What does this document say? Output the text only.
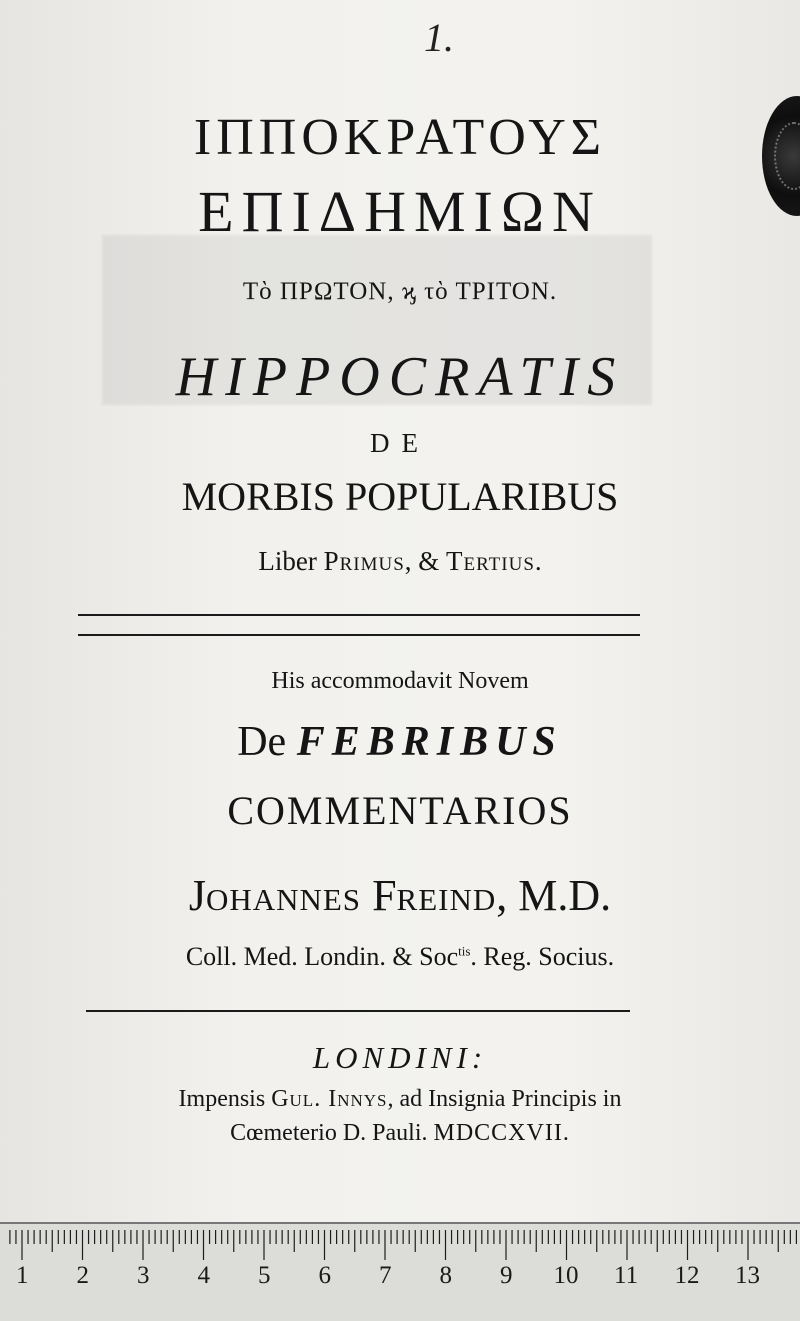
1.
ΙΠΠΟΚΡΑΤΟΥΣ
ΕΠΙΔΗΜΙΩΝ
Τὸ ΠΡΩΤΟΝ, ϗ τὸ ΤΡΙΤΟΝ.
HIPPOCRATIS
DE
MORBIS POPULARIBUS
Liber Primus, & Tertius.
His accommodavit Novem
De FEBRIBUS
COMMENTARIOS
Johannes Freind, M.D.
Coll. Med. Londin. & Soc$^{tis}$. Reg. Socius.
LONDINI:
Impensis Gul. Innys, ad Insignia Principis in
Cœmeterio D. Pauli. MDCCXVII.
1 2 3 4 5 6 7 8 9 10 11 12 13
